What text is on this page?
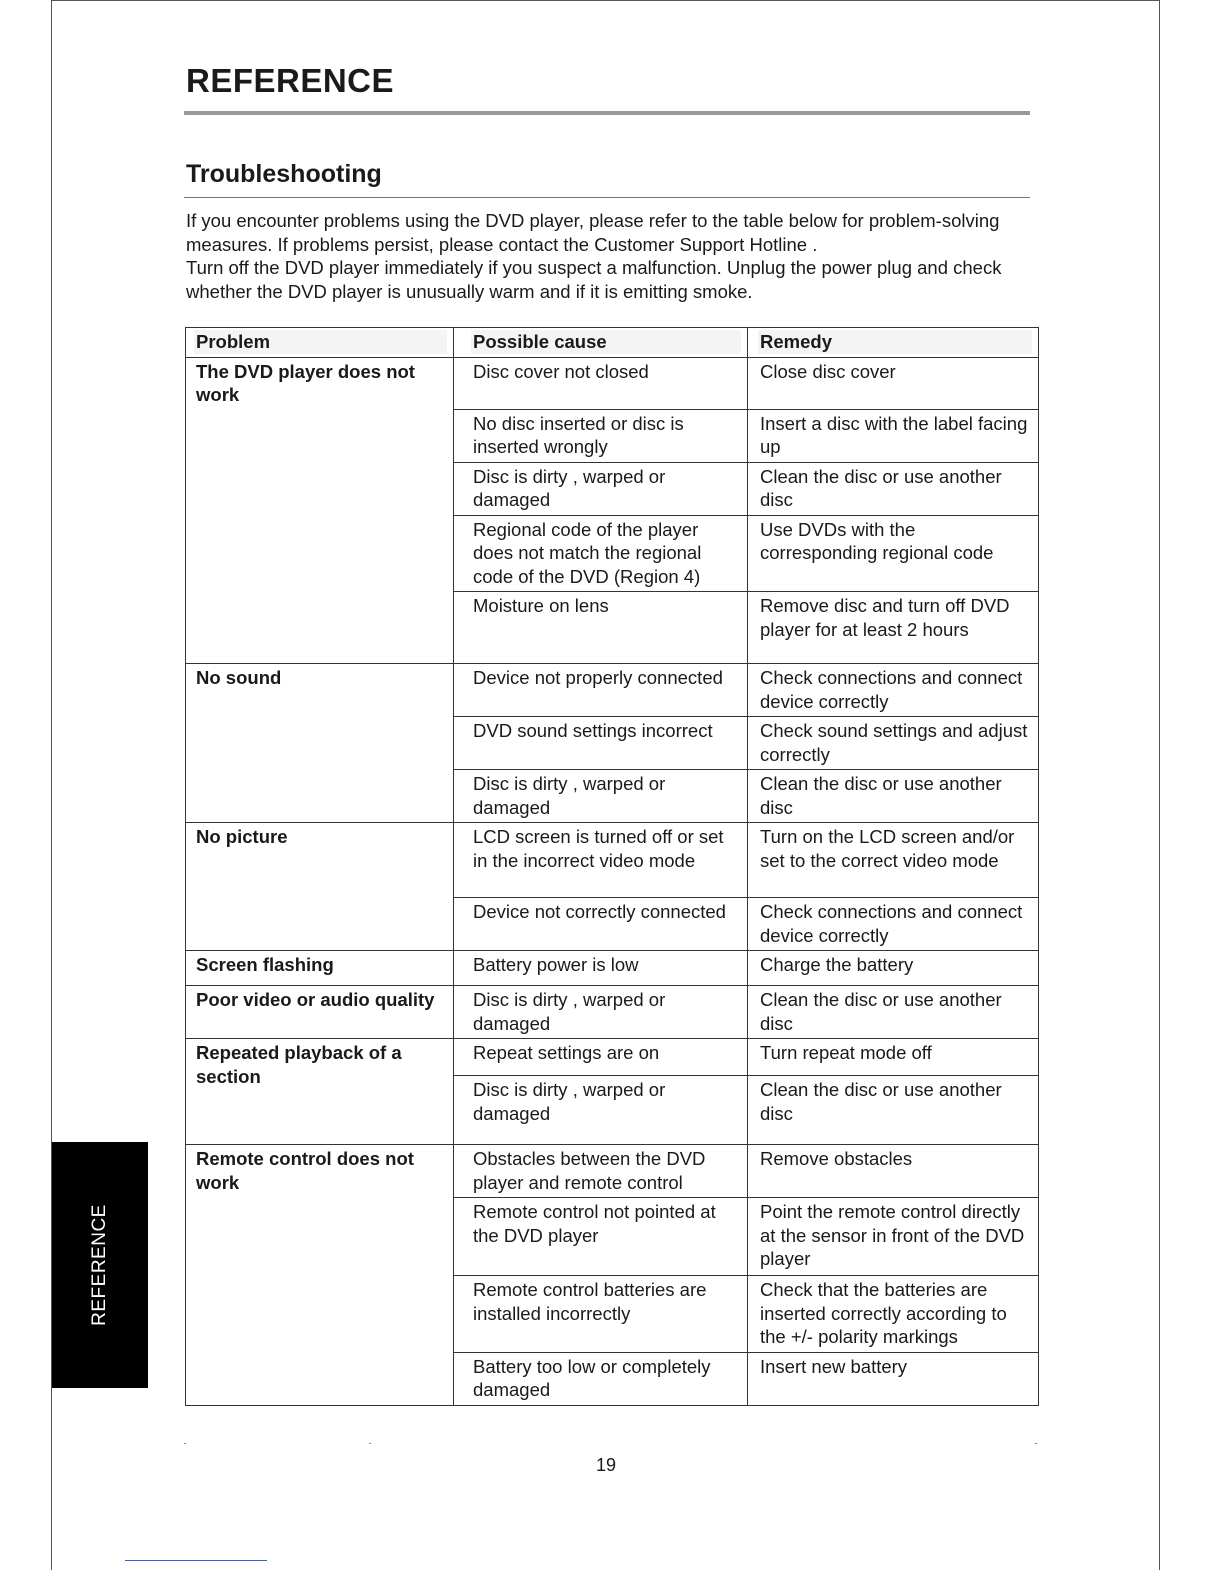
REFERENCE
Troubleshooting

If you encounter problems using the DVD player, please refer to the table below for problem-solving measures. If problems persist, please contact the Customer Support Hotline .

Turn off the DVD player immediately if you suspect a malfunction. Unplug the power plug and check whether the DVD player is unusually warm and if it is emitting smoke.

Problem	Possible cause	Remedy

The DVD player does not work	Disc cover not closed	Close disc cover
	No disc inserted or disc is inserted wrongly	Insert a disc with the label facing up
	Disc is dirty , warped or damaged	Clean the disc or use another disc
	Regional code of the player does not match the regional code of the DVD (Region 4)	Use DVDs with the corresponding regional code
	Moisture on lens	Remove disc and turn off DVD player for at least 2 hours
No sound	Device not properly connected	Check connections and connect device correctly
	DVD sound settings incorrect	Check sound settings and adjust correctly
	Disc is dirty , warped or damaged	Clean the disc or use another disc
No picture	LCD screen is turned off or set in the incorrect video mode	Turn on the LCD screen and/or set to the correct video mode
	Device not correctly connected	Check connections and connect device correctly
Screen flashing	Battery power is low	Charge the battery
Poor video or audio quality	Disc is dirty , warped or damaged	Clean the disc or use another disc
Repeated playback of a section	Repeat settings are on	Turn repeat mode off
	Disc is dirty , warped or damaged	Clean the disc or use another disc
Remote control does not work	Obstacles between the DVD player and remote control	Remove obstacles
	Remote control not pointed at the DVD player	Point the remote control directly at the sensor in front of the DVD player
	Remote control batteries are installed incorrectly	Check that the batteries are inserted correctly according to the +/- polarity markings
	Battery too low or completely damaged	Insert new battery
REFERENCE
19
